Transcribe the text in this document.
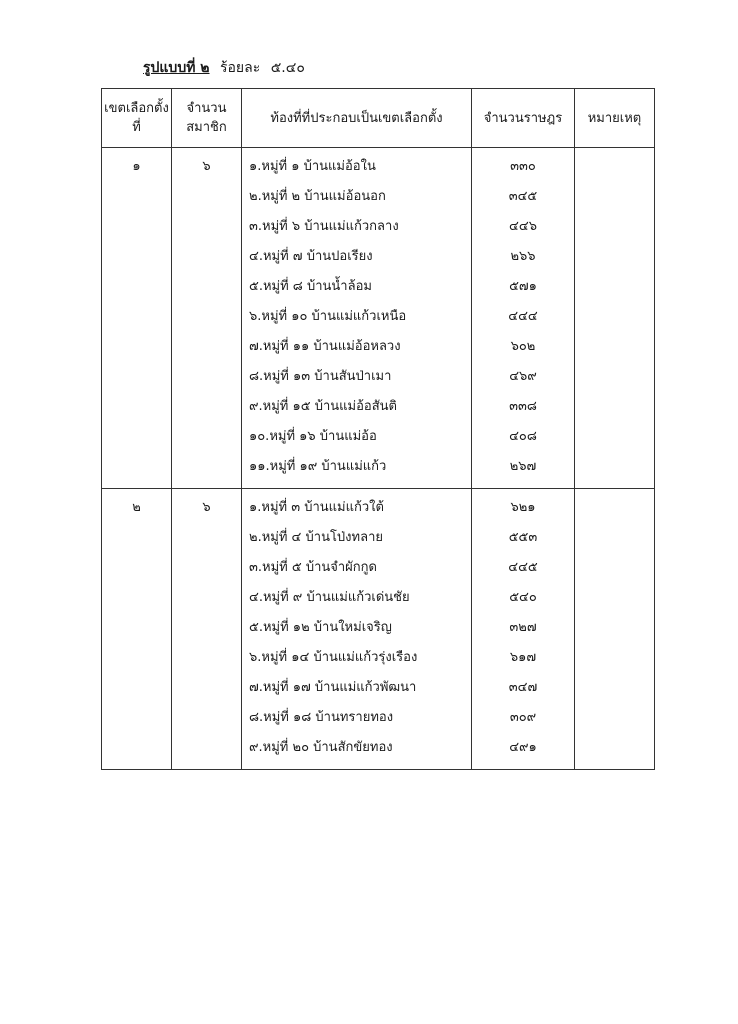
รูปแบบที่ ๒ ร้อยละ ๕.๔๐
เขตเลือกตั้งที่	จำนวนสมาชิก	ท้องที่ที่ประกอบเป็นเขตเลือกตั้ง	จำนวนราษฎร	หมายเหตุ
๑	๖	๑.หมู่ที่ ๑ บ้านแม่อ้อใน	๓๓๐	
		๒.หมู่ที่ ๒ บ้านแม่อ้อนอก	๓๔๕	
		๓.หมู่ที่ ๖ บ้านแม่แก้วกลาง	๔๔๖	
		๔.หมู่ที่ ๗ บ้านปอเรียง	๒๖๖	
		๕.หมู่ที่ ๘ บ้านน้ำล้อม	๕๗๑	
		๖.หมู่ที่ ๑๐ บ้านแม่แก้วเหนือ	๔๔๔	
		๗.หมู่ที่ ๑๑ บ้านแม่อ้อหลวง	๖๐๒	
		๘.หมู่ที่ ๑๓ บ้านสันป่าเมา	๔๖๙	
		๙.หมู่ที่ ๑๕ บ้านแม่อ้อสันติ	๓๓๘	
		๑๐.หมู่ที่ ๑๖ บ้านแม่อ้อ	๔๐๘	
		๑๑.หมู่ที่ ๑๙ บ้านแม่แก้ว	๒๖๗	

๒	๖	๑.หมู่ที่ ๓ บ้านแม่แก้วใต้	๖๒๑	
		๒.หมู่ที่ ๔ บ้านโป่งทลาย	๕๕๓	
		๓.หมู่ที่ ๕ บ้านจำผักกูด	๔๔๕	
		๔.หมู่ที่ ๙ บ้านแม่แก้วเด่นชัย	๕๔๐	
		๕.หมู่ที่ ๑๒ บ้านใหม่เจริญ	๓๒๗	
		๖.หมู่ที่ ๑๔ บ้านแม่แก้วรุ่งเรือง	๖๑๗	
		๗.หมู่ที่ ๑๗ บ้านแม่แก้วพัฒนา	๓๔๗	
		๘.หมู่ที่ ๑๘ บ้านทรายทอง	๓๐๙	
		๙.หมู่ที่ ๒๐ บ้านสักขัยทอง	๔๙๑	
